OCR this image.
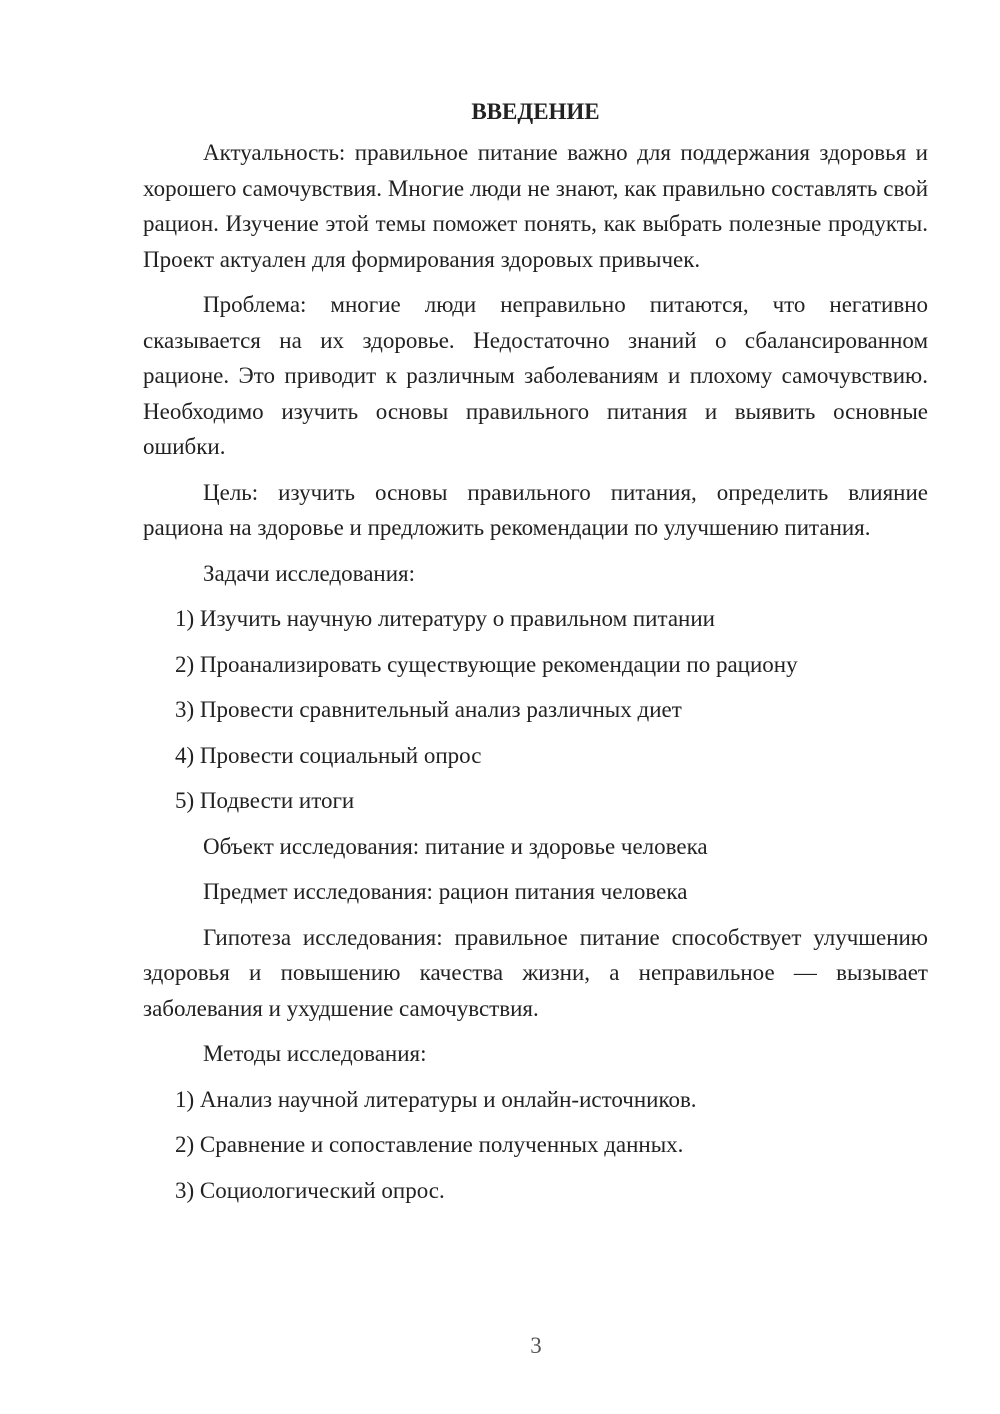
ВВЕДЕНИЕ

Актуальность: правильное питание важно для поддержания здоровья и хорошего самочувствия. Многие люди не знают, как правильно составлять свой рацион. Изучение этой темы поможет понять, как выбрать полезные продукты. Проект актуален для формирования здоровых привычек.

Проблема: многие люди неправильно питаются, что негативно сказывается на их здоровье. Недостаточно знаний о сбалансированном рационе. Это приводит к различным заболеваниям и плохому самочувствию. Необходимо изучить основы правильного питания и выявить основные ошибки.

Цель: изучить основы правильного питания, определить влияние рациона на здоровье и предложить рекомендации по улучшению питания.

Задачи исследования:

1) Изучить научную литературу о правильном питании

2) Проанализировать существующие рекомендации по рациону

3) Провести сравнительный анализ различных диет

4) Провести социальный опрос

5) Подвести итоги

Объект исследования: питание и здоровье человека

Предмет исследования: рацион питания человека

Гипотеза исследования: правильное питание способствует улучшению здоровья и повышению качества жизни, а неправильное — вызывает заболевания и ухудшение самочувствия.

Методы исследования:

1) Анализ научной литературы и онлайн-источников.

2) Сравнение и сопоставление полученных данных.

3) Социологический опрос.

3
